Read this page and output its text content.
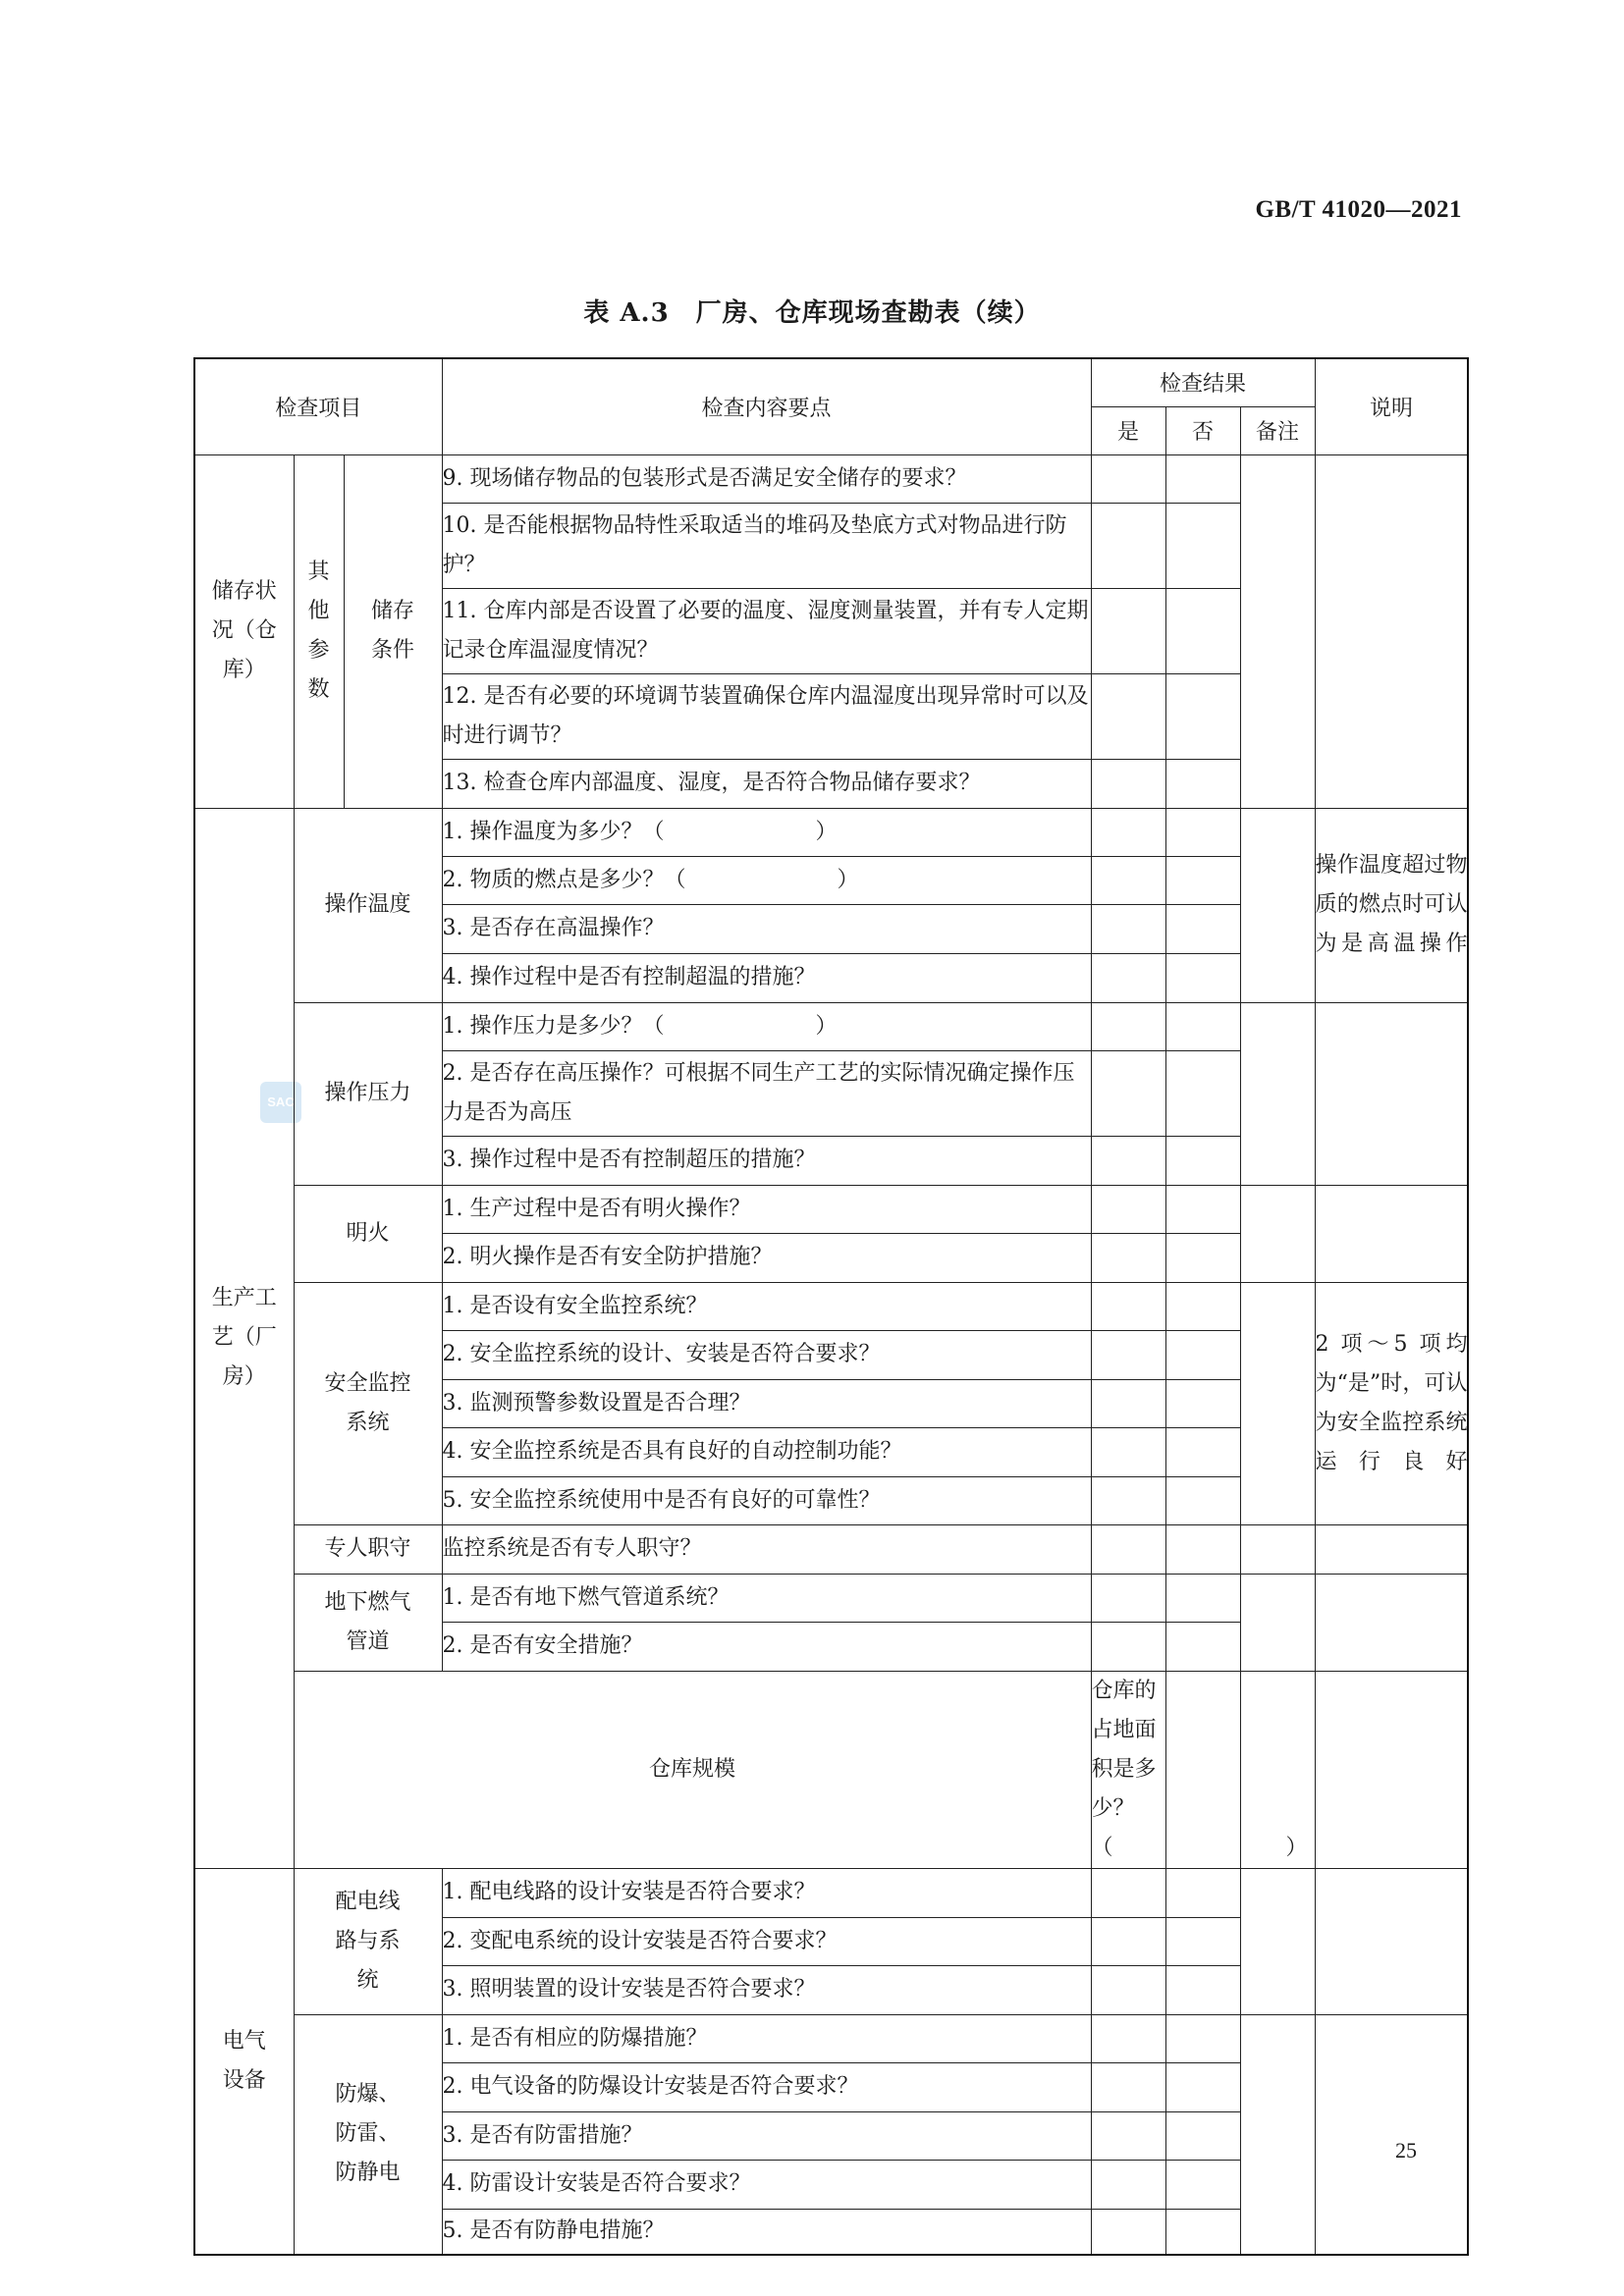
GB/T 41020—2021
表 A.3　厂房、仓库现场查勘表（续）
SAC
检查项目			检查内容要点	检查结果			说明	
				是	否	备注		
储存状况（仓库）	其他参数	储存条件	9. 现场储存物品的包装形式是否满足安全储存的要求？					
			10. 是否能根据物品特性采取适当的堆码及垫底方式对物品进行防护？					
			11. 仓库内部是否设置了必要的温度、湿度测量装置，并有专人定期记录仓库温湿度情况？					
			12. 是否有必要的环境调节装置确保仓库内温湿度出现异常时可以及时进行调节？					
			13. 检查仓库内部温度、湿度，是否符合物品储存要求？					
生产工艺（厂房）	操作温度		1. 操作温度为多少？（　　　　　　　）				操作温度超过物质的燃点时可认为是高温操作	
			2. 物质的燃点是多少？（　　　　　　　）					
			3. 是否存在高温操作？					
			4. 操作过程中是否有控制超温的措施？					
	操作压力		1. 操作压力是多少？（　　　　　　　）					
			2. 是否存在高压操作？可根据不同生产工艺的实际情况确定操作压力是否为高压					
			3. 操作过程中是否有控制超压的措施？					
	明火		1. 生产过程中是否有明火操作？					
			2. 明火操作是否有安全防护措施？					
	安全监控系统		1. 是否设有安全监控系统？				2 项～5 项均为“是”时，可认为安全监控系统运行良好	
			2. 安全监控系统的设计、安装是否符合要求？					
			3. 监测预警参数设置是否合理？					
			4. 安全监控系统是否具有良好的自动控制功能？					
			5. 安全监控系统使用中是否有良好的可靠性？					
	专人职守		监控系统是否有专人职守？					
	地下燃气管道		1. 是否有地下燃气管道系统？					
			2. 是否有安全措施？					
	仓库规模			仓库的占地面积是多少？（　　　　　　　　）				
电气设备	配电线路与系统		1. 配电线路的设计安装是否符合要求？					
			2. 变配电系统的设计安装是否符合要求？					
			3. 照明装置的设计安装是否符合要求？					
	防爆、防雷、防静电		1. 是否有相应的防爆措施？					
			2. 电气设备的防爆设计安装是否符合要求？					
			3. 是否有防雷措施？					
			4. 防雷设计安装是否符合要求？					
			5. 是否有防静电措施？					
25
